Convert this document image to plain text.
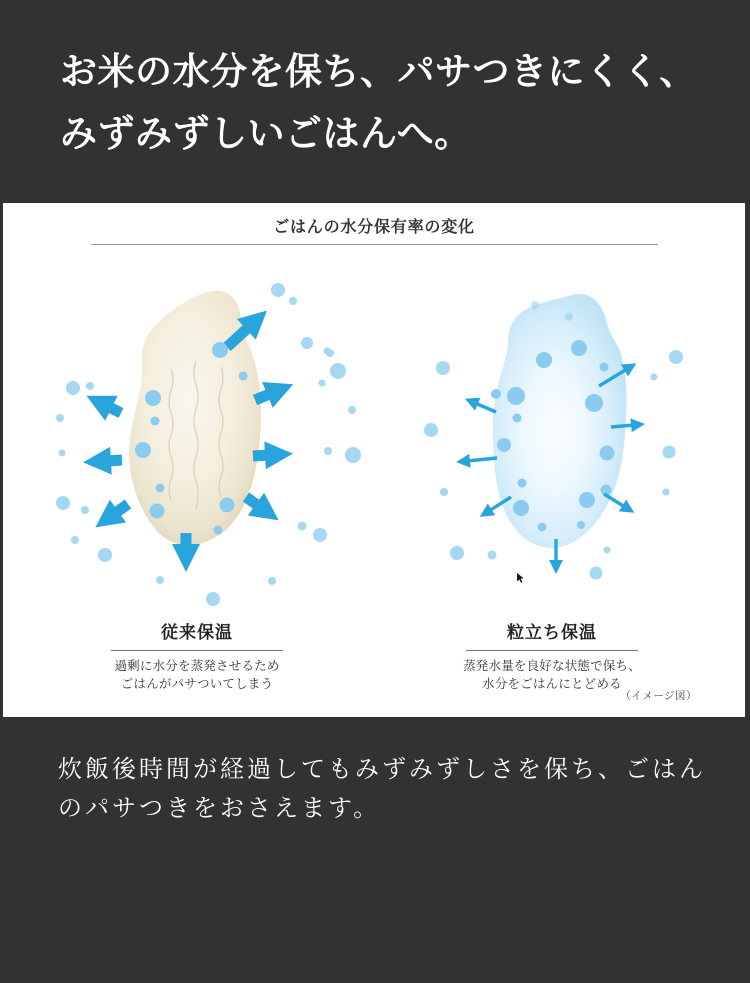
お米の水分を保ち、パサつきにくく、
みずみずしいごはんへ。
ごはんの水分保有率の変化
従来保温

過剰に水分を蒸発させるため

ごはんがパサついてしまう

粒立ち保温

蒸発水量を良好な状態で保ち、

水分をごはんにとどめる

（イメージ図）
炊飯後時間が経過してもみずみずしさを保ち、ごはん
のパサつきをおさえます。
